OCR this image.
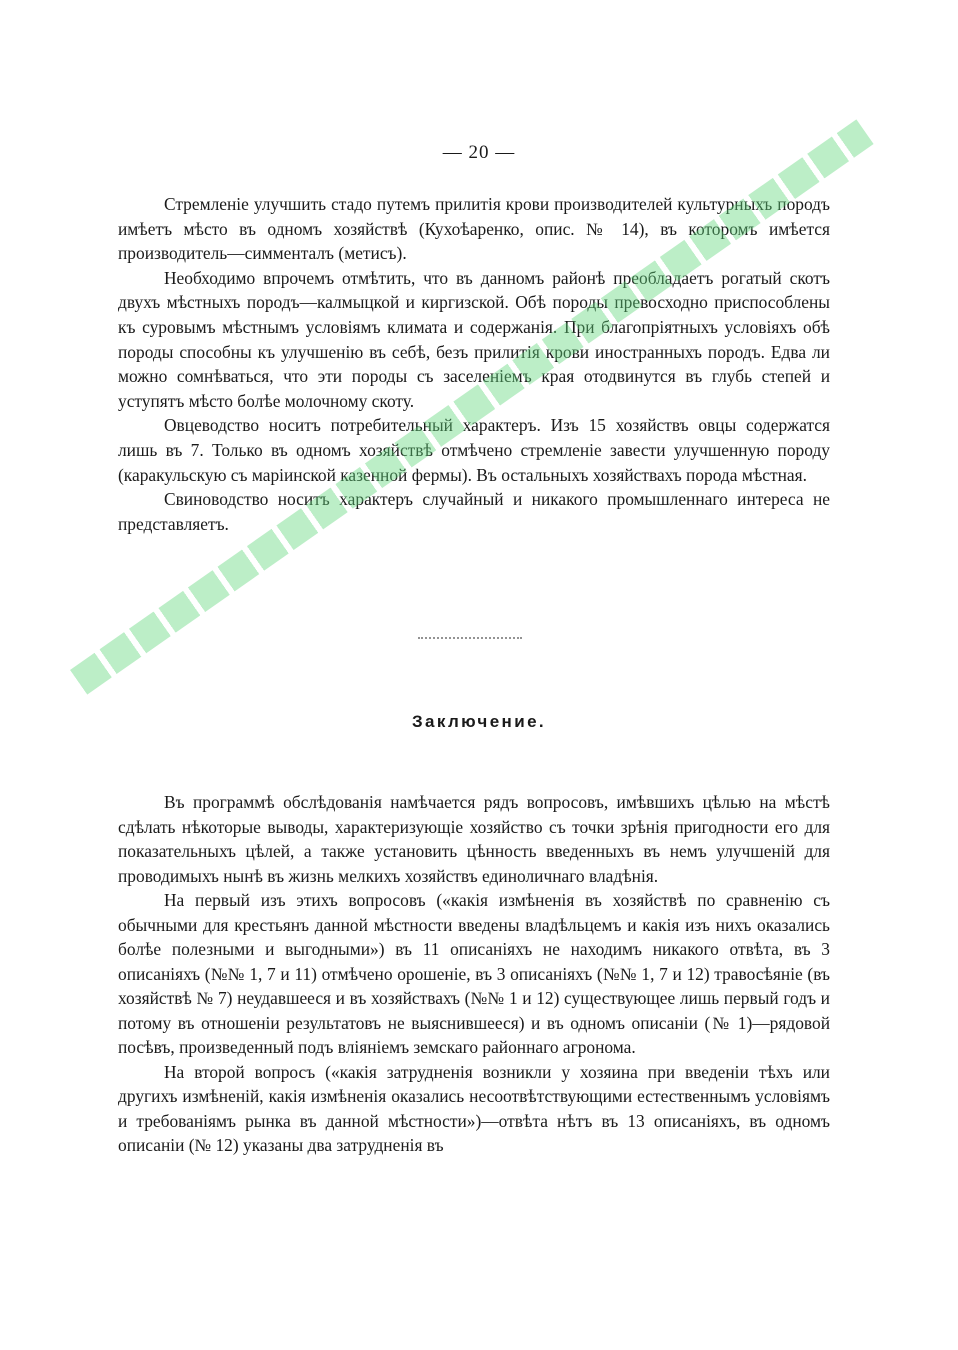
— 20 —

Стремленіе улучшить стадо путемъ прилитія крови производителей культурныхъ породъ имѣетъ мѣсто въ одномъ хозяйствѣ (Кухоѣаренко, опис. № 14), въ которомъ имѣется производитель—симменталъ (метисъ).

Необходимо впрочемъ отмѣтить, что въ данномъ районѣ преобладаетъ рогатый скотъ двухъ мѣстныхъ породъ—калмыцкой и киргизской. Обѣ породы превосходно приспособлены къ суровымъ мѣстнымъ условіямъ климата и содержанія. При благопріятныхъ условіяхъ обѣ породы способны къ улучшенію въ себѣ, безъ прилитія крови иностранныхъ породъ. Едва ли можно сомнѣваться, что эти породы съ заселеніемъ края отодвинутся въ глубь степей и уступятъ мѣсто болѣе молочному скоту.

Овцеводство носитъ потребительный характеръ. Изъ 15 хозяйствъ овцы содержатся лишь въ 7. Только въ одномъ хозяйствѣ отмѣчено стремленіе завести улучшенную породу (каракульскую съ маріинской казенной фермы). Въ остальныхъ хозяйствахъ порода мѣстная.

Свиноводство носитъ характеръ случайный и никакого промышленнаго интереса не представляетъ.

Заключение.

Въ программѣ обслѣдованія намѣчается рядъ вопросовъ, имѣвшихъ цѣлью на мѣстѣ сдѣлать нѣкоторые выводы, характеризующіе хозяйство съ точки зрѣнія пригодности его для показательныхъ цѣлей, а также установить цѣнность введенныхъ въ немъ улучшеній для проводимыхъ нынѣ въ жизнь мелкихъ хозяйствъ единоличнаго владѣнія.

На первый изъ этихъ вопросовъ («какія измѣненія въ хозяйствѣ по сравненію съ обычными для крестьянъ данной мѣстности введены владѣльцемъ и какія изъ нихъ оказались болѣе полезными и выгодными») въ 11 описаніяхъ не находимъ никакого отвѣта, въ 3 описаніяхъ (№№ 1, 7 и 11) отмѣчено орошеніе, въ 3 описаніяхъ (№№ 1, 7 и 12) травосѣяніе (въ хозяйствѣ № 7) неудавшееся и въ хозяйствахъ (№№ 1 и 12) существующее лишь первый годъ и потому въ отношеніи результатовъ не выяснившееся) и въ одномъ описаніи (№ 1)—рядовой посѣвъ, произведенный подъ вліяніемъ земскаго районнаго агронома.

На второй вопросъ («какія затрудненія возникли у хозяина при введеніи тѣхъ или другихъ измѣненій, какія измѣненія оказались несоотвѣтствующими естественнымъ условіямъ и требованіямъ рынка въ данной мѣстности»)—отвѣта нѣтъ въ 13 описаніяхъ, въ одномъ описаніи (№ 12) указаны два затрудненія въ
